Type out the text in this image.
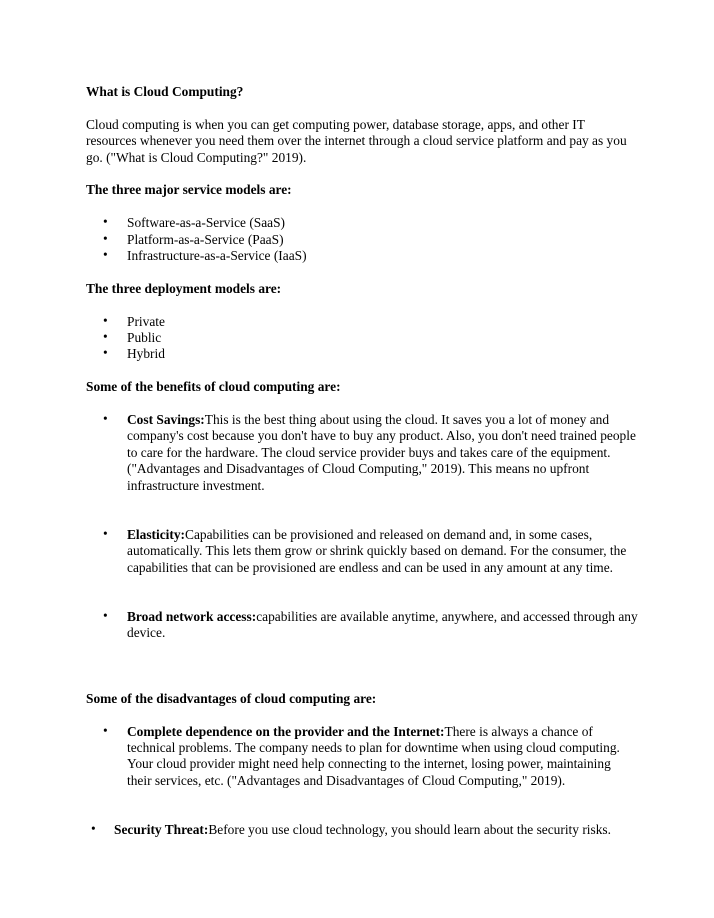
What is Cloud Computing?

Cloud computing is when you can get computing power, database storage, apps, and other IT resources whenever you need them over the internet through a cloud service platform and pay as you go. ("What is Cloud Computing?" 2019).

The three major service models are:
• Software-as-a-Service (SaaS)
• Platform-as-a-Service (PaaS)
• Infrastructure-as-a-Service (IaaS)
The three deployment models are:
• Private
• Public
• Hybrid
Some of the benefits of cloud computing are:
• Cost Savings:This is the best thing about using the cloud. It saves you a lot of money and company's cost because you don't have to buy any product. Also, you don't need trained people to care for the hardware. The cloud service provider buys and takes care of the equipment. ("Advantages and Disadvantages of Cloud Computing," 2019). This means no upfront infrastructure investment.
• Elasticity:Capabilities can be provisioned and released on demand and, in some cases, automatically. This lets them grow or shrink quickly based on demand. For the consumer, the capabilities that can be provisioned are endless and can be used in any amount at any time.
• Broad network access:capabilities are available anytime, anywhere, and accessed through any device.
Some of the disadvantages of cloud computing are:
• Complete dependence on the provider and the Internet:There is always a chance of technical problems. The company needs to plan for downtime when using cloud computing. Your cloud provider might need help connecting to the internet, losing power, maintaining their services, etc. ("Advantages and Disadvantages of Cloud Computing," 2019).
• Security Threat:Before you use cloud technology, you should learn about the security risks.
